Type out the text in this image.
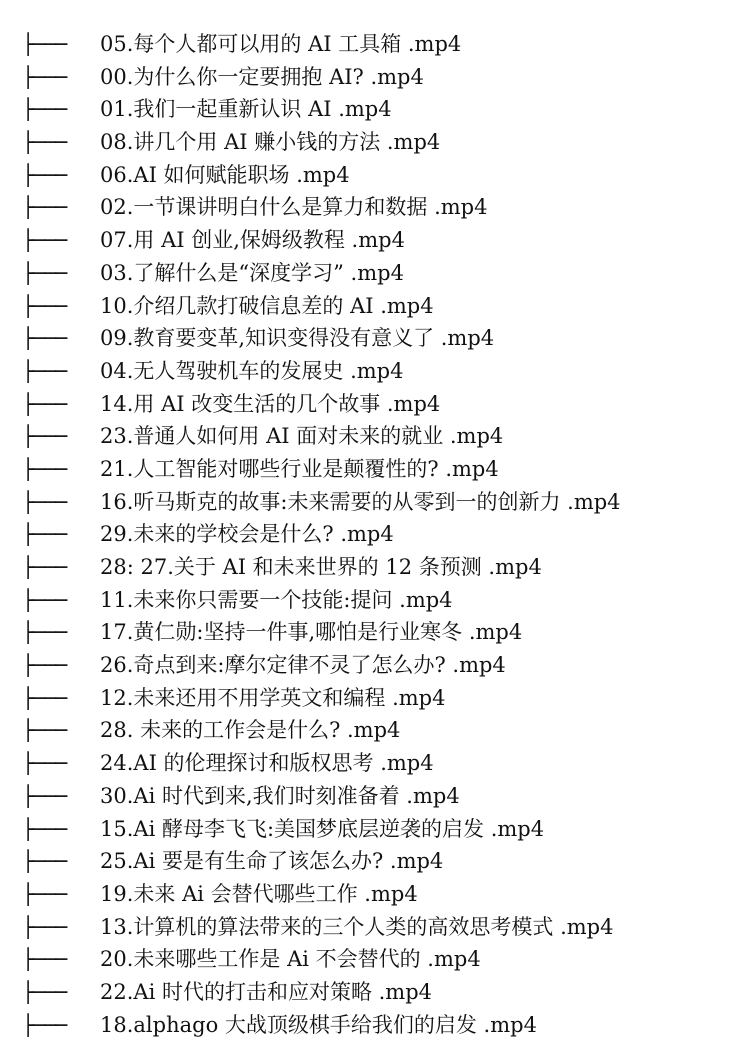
├───	05.每个人都可以用的 AI 工具箱 .mp4
├───	00.为什么你一定要拥抱 AI? .mp4
├───	01.我们一起重新认识 AI .mp4
├───	08.讲几个用 AI 赚小钱的方法 .mp4
├───	06.AI 如何赋能职场 .mp4
├───	02.一节课讲明白什么是算力和数据 .mp4
├───	07.用 AI 创业,保姆级教程 .mp4
├───	03.了解什么是“深度学习” .mp4
├───	10.介绍几款打破信息差的 AI .mp4
├───	09.教育要变革,知识变得没有意义了 .mp4
├───	04.无人驾驶机车的发展史 .mp4
├───	14.用 AI 改变生活的几个故事 .mp4
├───	23.普通人如何用 AI 面对未来的就业 .mp4
├───	21.人工智能对哪些行业是颠覆性的? .mp4
├───	16.听马斯克的故事:未来需要的从零到一的创新力 .mp4
├───	29.未来的学校会是什么? .mp4
├───	28: 27.关于 AI 和未来世界的 12 条预测 .mp4
├───	11.未来你只需要一个技能:提问 .mp4
├───	17.黄仁勋:坚持一件事,哪怕是行业寒冬 .mp4
├───	26.奇点到来:摩尔定律不灵了怎么办? .mp4
├───	12.未来还用不用学英文和编程 .mp4
├───	28. 未来的工作会是什么? .mp4
├───	24.AI 的伦理探讨和版权思考 .mp4
├───	30.Ai 时代到来,我们时刻准备着 .mp4
├───	15.Ai 酵母李飞飞:美国梦底层逆袭的启发 .mp4
├───	25.Ai 要是有生命了该怎么办? .mp4
├───	19.未来 Ai 会替代哪些工作 .mp4
├───	13.计算机的算法带来的三个人类的高效思考模式 .mp4
├───	20.未来哪些工作是 Ai 不会替代的 .mp4
├───	22.Ai 时代的打击和应对策略 .mp4
├───	18.alphago 大战顶级棋手给我们的启发 .mp4
